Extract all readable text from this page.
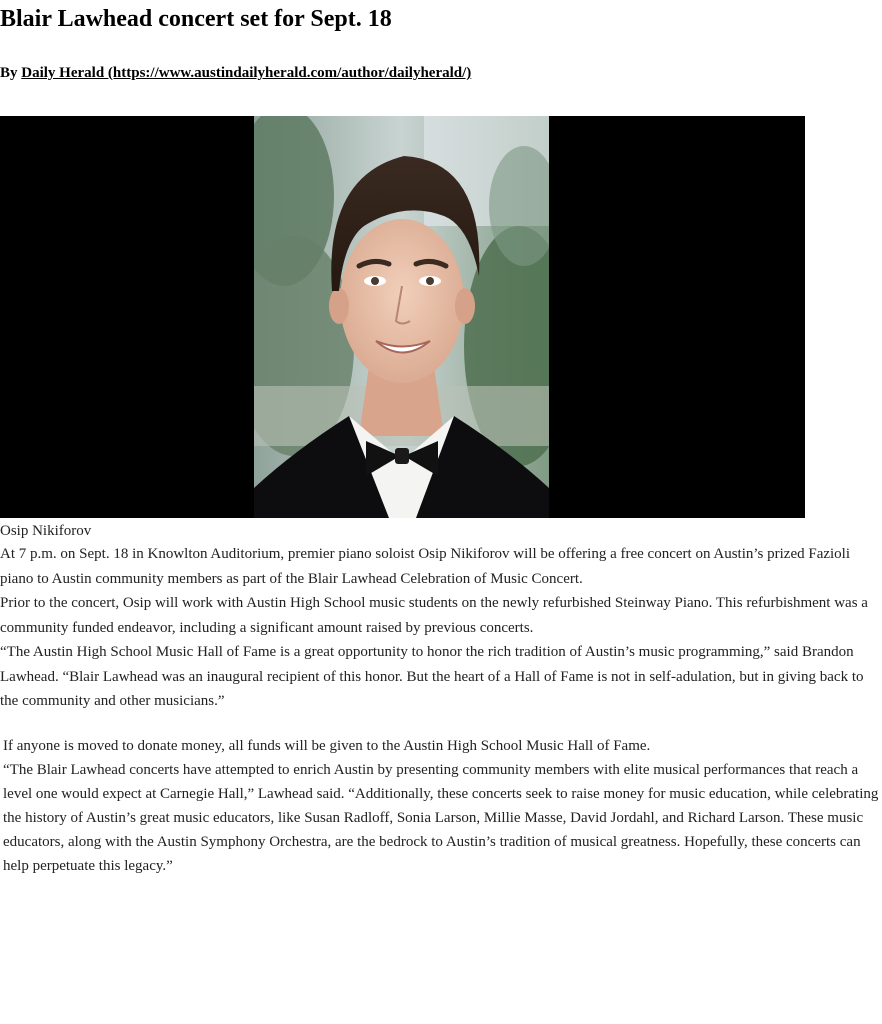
Blair Lawhead concert set for Sept. 18

By Daily Herald (https://www.austindailyherald.com/author/dailyherald/)

Osip Nikiforov

At 7 p.m. on Sept. 18 in Knowlton Auditorium, premier piano soloist Osip Nikiforov will be offering a free concert on Austin’s prized Fazioli piano to Austin community members as part of the Blair Lawhead Celebration of Music Concert.

Prior to the concert, Osip will work with Austin High School music students on the newly refurbished Steinway Piano. This refurbishment was a community funded endeavor, including a significant amount raised by previous concerts.

“The Austin High School Music Hall of Fame is a great opportunity to honor the rich tradition of Austin’s music programming,” said Brandon Lawhead. “Blair Lawhead was an inaugural recipient of this honor. But the heart of a Hall of Fame is not in self-adulation, but in giving back to the community and other musicians.”

If anyone is moved to donate money, all funds will be given to the Austin High School Music Hall of Fame.

“The Blair Lawhead concerts have attempted to enrich Austin by presenting community members with elite musical performances that reach a level one would expect at Carnegie Hall,” Lawhead said. “Additionally, these concerts seek to raise money for music education, while celebrating the history of Austin’s great music educators, like Susan Radloff, Sonia Larson, Millie Masse, David Jordahl, and Richard Larson. These music educators, along with the Austin Symphony Orchestra, are the bedrock to Austin’s tradition of musical greatness. Hopefully, these concerts can help perpetuate this legacy.”
